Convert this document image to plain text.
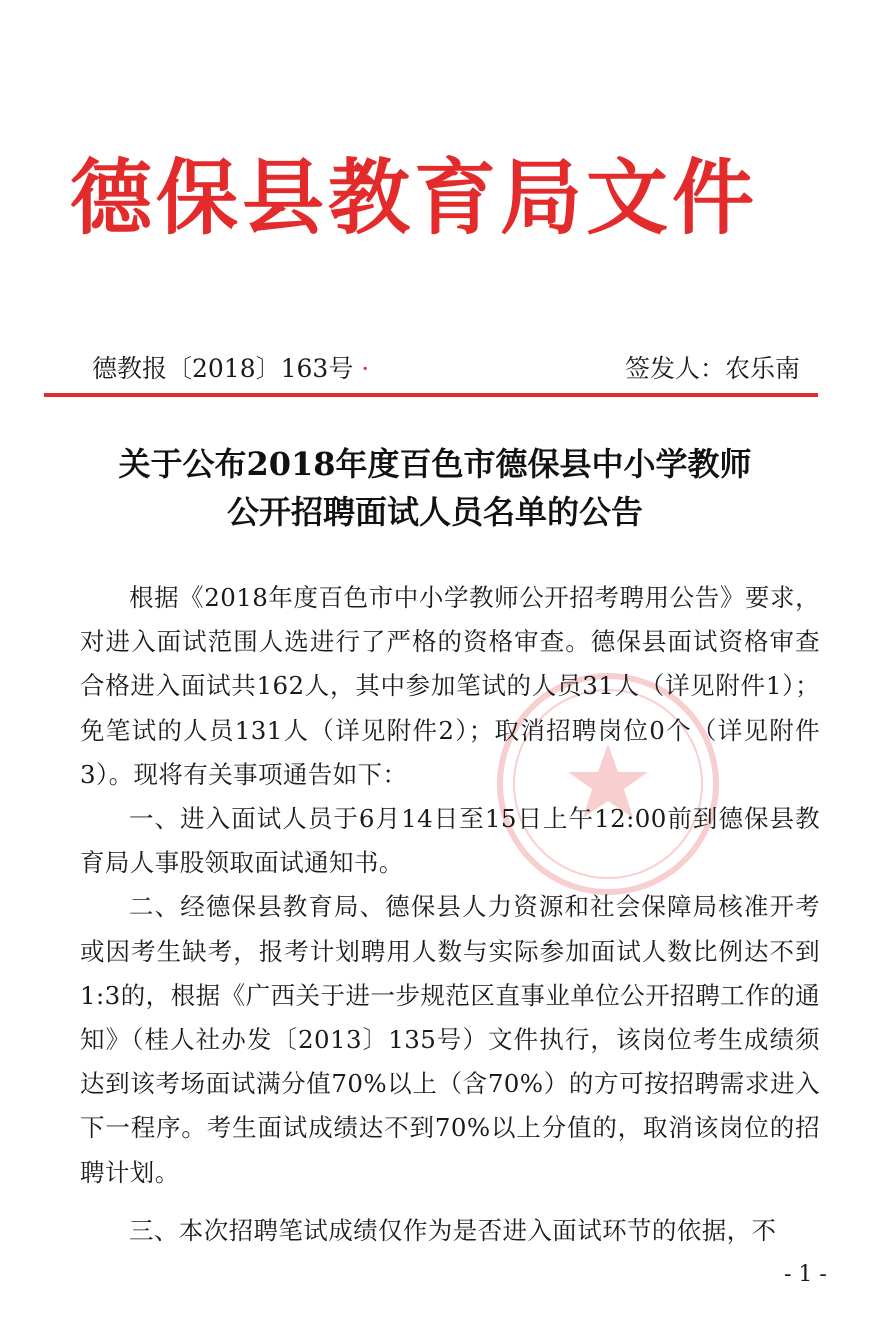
德保县教育局文件
德教报〔2018〕163号 ·	签发人：农乐南
关于公布2018年度百色市德保县中小学教师
公开招聘面试人员名单的公告

根据《2018年度百色市中小学教师公开招考聘用公告》要求，对进入面试范围人选进行了严格的资格审查。德保县面试资格审查合格进入面试共162人，其中参加笔试的人员31人（详见附件1）；免笔试的人员131人（详见附件2）；取消招聘岗位0个（详见附件3）。现将有关事项通告如下：

一、进入面试人员于6月14日至15日上午12:00前到德保县教育局人事股领取面试通知书。

二、经德保县教育局、德保县人力资源和社会保障局核准开考或因考生缺考，报考计划聘用人数与实际参加面试人数比例达不到1:3的，根据《广西关于进一步规范区直事业单位公开招聘工作的通知》（桂人社办发〔2013〕135号）文件执行，该岗位考生成绩须达到该考场面试满分值70%以上（含70%）的方可按招聘需求进入下一程序。考生面试成绩达不到70%以上分值的，取消该岗位的招聘计划。

三、本次招聘笔试成绩仅作为是否进入面试环节的依据，不

- 1 -
